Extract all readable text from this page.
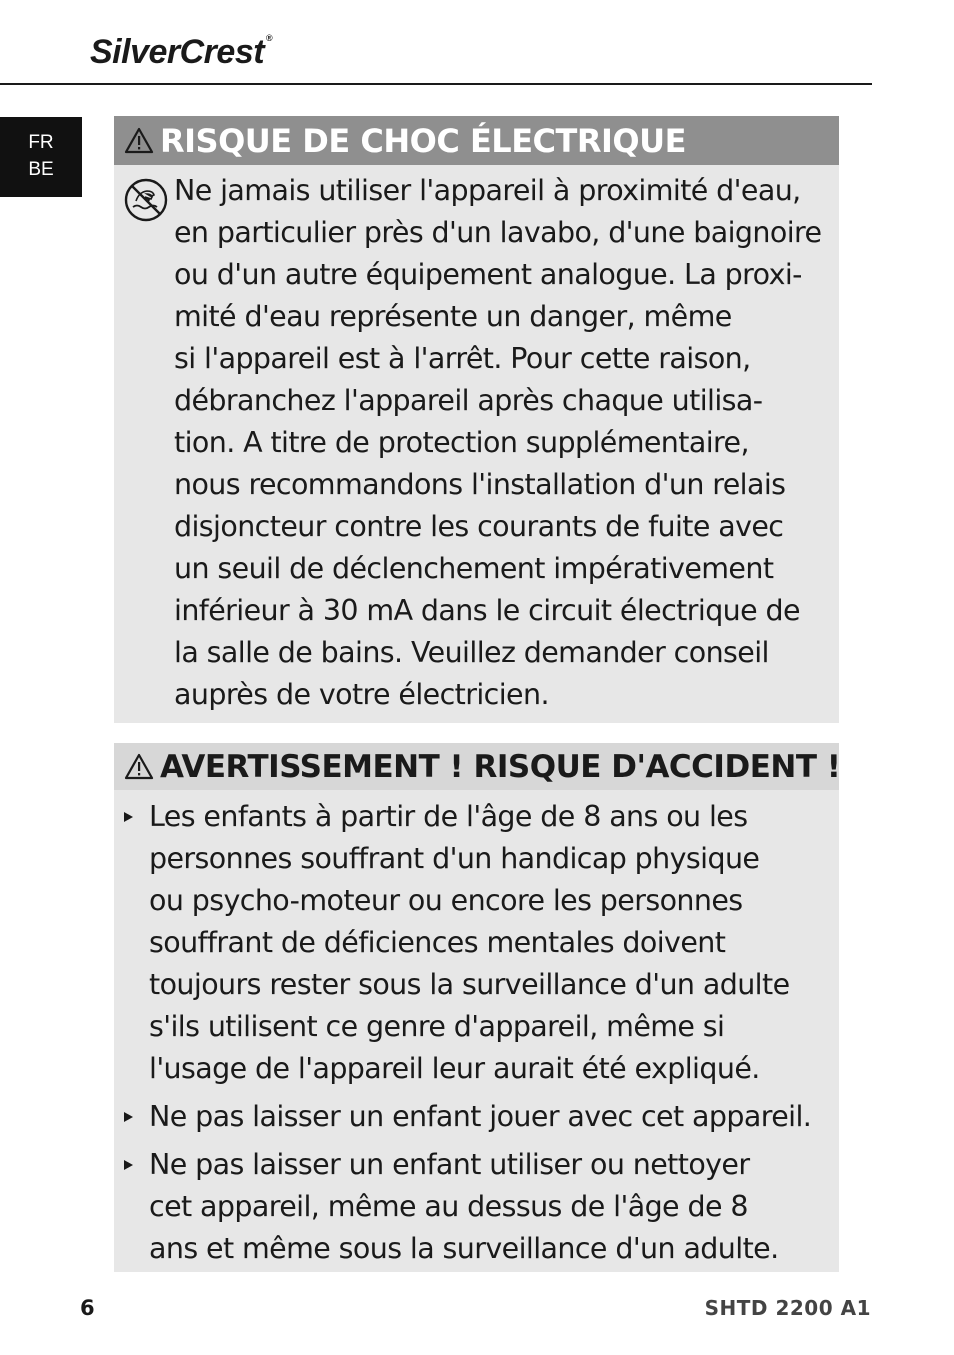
SilverCrest ®
FR
BE
RISQUE DE CHOC ÉLECTRIQUE
Ne jamais utiliser l'appareil à proximité d'eau,
en particulier près d'un lavabo, d'une baignoire
ou d'un autre équipement analogue. La proxi-
mité d'eau représente un danger, même
si l'appareil est à l'arrêt. Pour cette raison,
débranchez l'appareil après chaque utilisa-
tion. A titre de protection supplémentaire,
nous recommandons l'installation d'un relais
disjoncteur contre les courants de fuite avec
un seuil de déclenchement impérativement
inférieur à 30 mA dans le circuit électrique de
la salle de bains. Veuillez demander conseil
auprès de votre électricien.
AVERTISSEMENT ! RISQUE D'ACCIDENT !
Les enfants à partir de l'âge de 8 ans ou les
personnes souffrant d'un handicap physique
ou psycho-moteur ou encore les personnes
souffrant de déficiences mentales doivent
toujours rester sous la surveillance d'un adulte
s'ils utilisent ce genre d'appareil, même si
l'usage de l'appareil leur aurait été expliqué.
Ne pas laisser un enfant jouer avec cet appareil.
Ne pas laisser un enfant utiliser ou nettoyer
cet appareil, même au dessus de l'âge de 8
ans et même sous la surveillance d'un adulte.
6	SHTD 2200 A1
